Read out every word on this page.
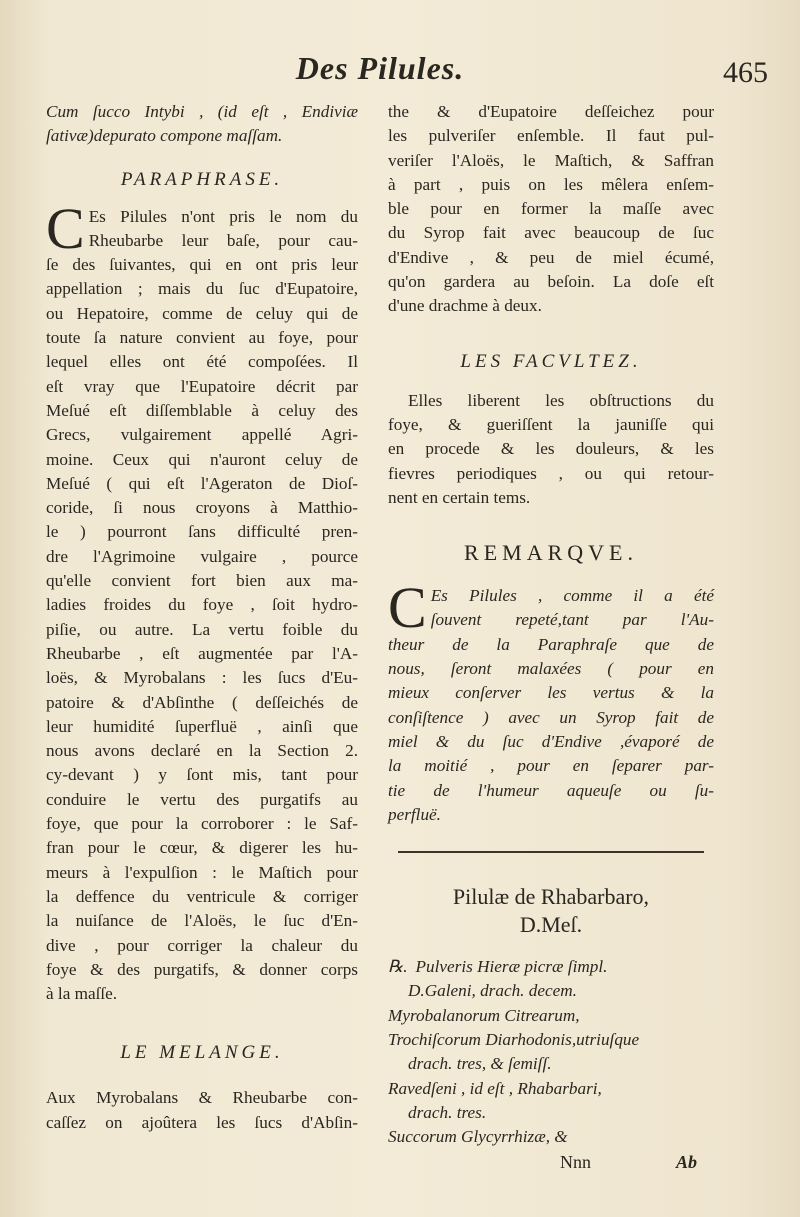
Des Pilules.	465
Cum ſucco Intybi , (id eſt , Endiviæ
ſativæ)depurato compone maſſam.
PARAPHRASE.
C Es Pilules n'ont pris le nom du
Rheubarbe leur baſe, pour cau-
ſe des ſuivantes, qui en ont pris leur
appellation ; mais du ſuc d'Eupatoire,
ou Hepatoire, comme de celuy qui de
toute ſa nature convient au foye, pour
lequel elles ont été compoſées. Il
eſt vray que l'Eupatoire décrit par
Meſué eſt diſſemblable à celuy des
Grecs, vulgairement appellé Agri-
moine. Ceux qui n'auront celuy de
Meſué ( qui eſt l'Ageraton de Dioſ-
coride, ſi nous croyons à Matthio-
le ) pourront ſans difficulté pren-
dre l'Agrimoine vulgaire , pource
qu'elle convient fort bien aux ma-
ladies froides du foye , ſoit hydro-
piſie, ou autre. La vertu foible du
Rheubarbe , eſt augmentée par l'A-
loës, & Myrobalans : les ſucs d'Eu-
patoire & d'Abſinthe ( deſſeichés de
leur humidité ſuperfluë , ainſi que
nous avons declaré en la Section 2.
cy-devant ) y ſont mis, tant pour
conduire le vertu des purgatifs au
foye, que pour la corroborer : le Saf-
fran pour le cœur, & digerer les hu-
meurs à l'expulſion : le Maſtich pour
la deffence du ventricule & corriger
la nuiſance de l'Aloës, le ſuc d'En-
dive , pour corriger la chaleur du
foye & des purgatifs, & donner corps
à la maſſe.
LE MELANGE.
Aux Myrobalans & Rheubarbe con-
caſſez on ajoûtera les ſucs d'Abſin-
the & d'Eupatoire deſſeichez pour
les pulveriſer enſemble. Il faut pul-
veriſer l'Aloës, le Maſtich, & Saffran
à part , puis on les mêlera enſem-
ble pour en former la maſſe avec
du Syrop fait avec beaucoup de ſuc
d'Endive , & peu de miel écumé,
qu'on gardera au beſoin. La doſe eſt
d'une drachme à deux.
LES FACVLTEZ.
Elles liberent les obſtructions du
foye, & gueriſſent la jauniſſe qui
en procede & les douleurs, & les
fievres periodiques , ou qui retour-
nent en certain tems.
REMARQVE.
C Es Pilules , comme il a été
ſouvent repeté,tant par l'Au-
theur de la Paraphraſe que de
nous, ſeront malaxées ( pour en
mieux conſerver les vertus & la
conſiſtence ) avec un Syrop fait de
miel & du ſuc d'Endive ,évaporé de
la moitié , pour en ſeparer par-
tie de l'humeur aqueuſe ou ſu-
perfluë.
Pilulæ de Rhabarbaro,
D.Meſ.
℞. Pulveris Hieræ picræ ſimpl.
D.Galeni, drach. decem.
Myrobalanorum Citrearum,
Trochiſcorum Diarhodonis,utriuſque
drach. tres, & ſemiſſ.
Ravedſeni , id eſt , Rhabarbari,
drach. tres.
Succorum Glycyrrhizæ, &
Nnn	Ab
